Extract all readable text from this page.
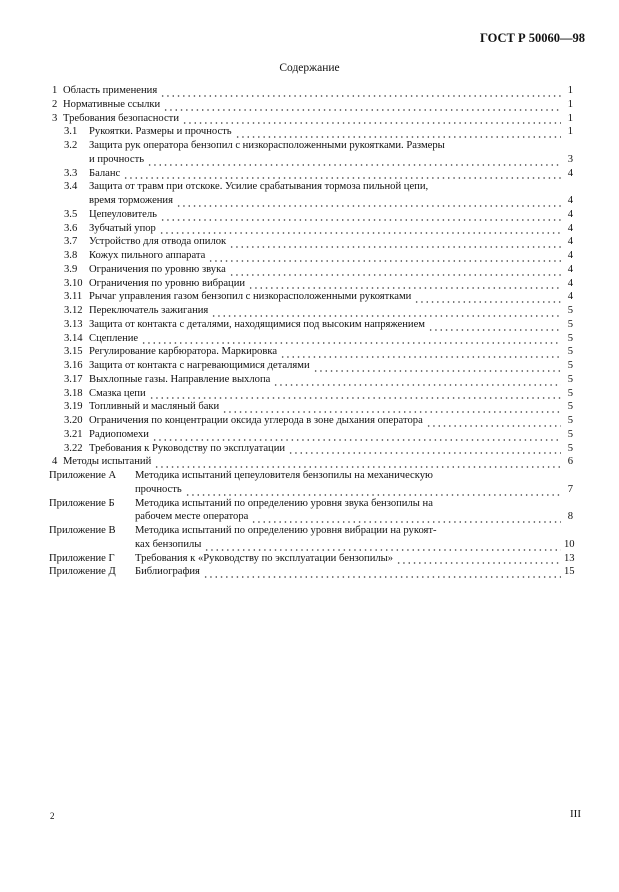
ГОСТ Р 50060—98
Содержание
1 Область применения	1
2 Нормативные ссылки	1
3 Требования безопасности	1
3.1	Рукоятки. Размеры и прочность	1
3.2 Защита рук оператора бензопил с низкорасположенными рукоятками. Размеры
и прочность	3
3.3	Баланс	4
3.4 Защита от травм при отскоке. Усилие срабатывания тормоза пильной цепи,
время торможения	4
3.5	Цепеуловитель	4
3.6	Зубчатый упор	4
3.7	Устройство для отвода опилок	4
3.8	Кожух пильного аппарата	4
3.9	Ограничения по уровню звука	4
3.10 Ограничения по уровню вибрации	4
3.11 Рычаг управления газом бензопил с низкорасположенными рукоятками	4
3.12 Переключатель зажигания	5
3.13 Защита от контакта с деталями, находящимися под высоким напряжением	5
3.14 Сцепление	5
3.15 Регулирование карбюратора. Маркировка	5
3.16 Защита от контакта с нагревающимися деталями	5
3.17 Выхлопные газы. Направление выхлопа	5
3.18 Смазка цепи	5
3.19 Топливный и масляный баки	5
3.20 Ограничения по концентрации оксида углерода в зоне дыхания оператора	5
3.21 Радиопомехи	5
3.22 Требования к Руководству по эксплуатации	5
4 Методы испытаний	6
Приложение А Методика испытаний цепеуловителя бензопилы на механическую
прочность	7
Приложение Б Методика испытаний по определению уровня звука бензопилы на
рабочем месте оператора	8
Приложение В Методика испытаний по определению уровня вибрации на рукоят-
ках бензопилы	10
Приложение Г	Требования к «Руководству по эксплуатации бензопилы»	13
Приложение Д	Библиография	15
2	III
